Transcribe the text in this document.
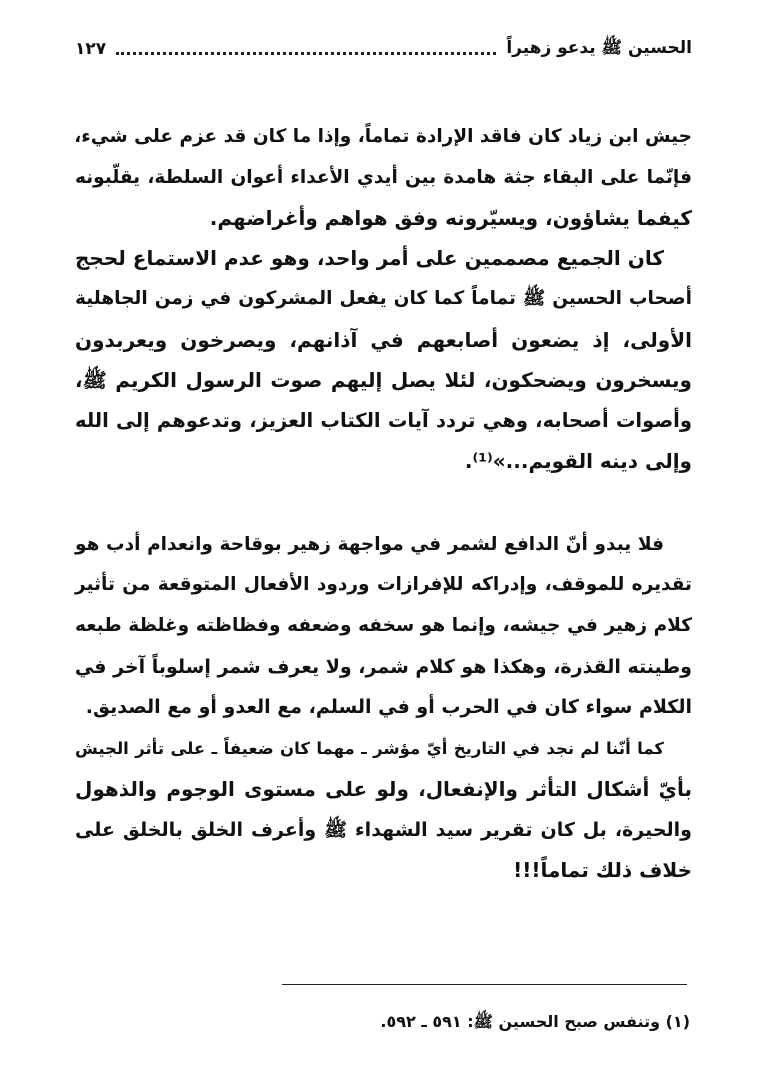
الحسين ﷺ يدعو زهيراً
١٢٧
جيش ابن زياد كان فاقد الإرادة تماماً، وإذا ما كان قد عزم على شيء،
فإنّما على البقاء جثة هامدة بين أيدي الأعداء أعوان السلطة، يقلّبونه
كيفما يشاؤون، ويسيّرونه وفق هواهم وأغراضهم.
كان الجميع مصممين على أمر واحد، وهو عدم الاستماع لحجج
أصحاب الحسين ﷺ تماماً كما كان يفعل المشركون في زمن الجاهلية
الأولى، إذ يضعون أصابعهم في آذانهم، ويصرخون ويعربدون
ويسخرون ويضحكون، لئلا يصل إليهم صوت الرسول الكريم ﷺ،
وأصوات أصحابه، وهي تردد آيات الكتاب العزيز، وتدعوهم إلى الله
وإلى دينه القويم...»⁽¹⁾.
فلا يبدو أنّ الدافع لشمر في مواجهة زهير بوقاحة وانعدام أدب هو
تقديره للموقف، وإدراكه للإفرازات وردود الأفعال المتوقعة من تأثير
كلام زهير في جيشه، وإنما هو سخفه وضعفه وفظاظته وغلظة طبعه
وطينته القذرة، وهكذا هو كلام شمر، ولا يعرف شمر إسلوباً آخر في
الكلام سواء كان في الحرب أو في السلم، مع العدو أو مع الصديق.
كما أنّنا لم نجد في التاريخ أيّ مؤشر ـ مهما كان ضعيفاً ـ على تأثر الجيش
بأيّ أشكال التأثر والإنفعال، ولو على مستوى الوجوم والذهول
والحيرة، بل كان تقرير سيد الشهداء ﷺ وأعرف الخلق بالخلق على
خلاف ذلك تماماً!!!
(١) وتنفس صبح الحسين ﷺ: ٥٩١ ـ ٥٩٢.
